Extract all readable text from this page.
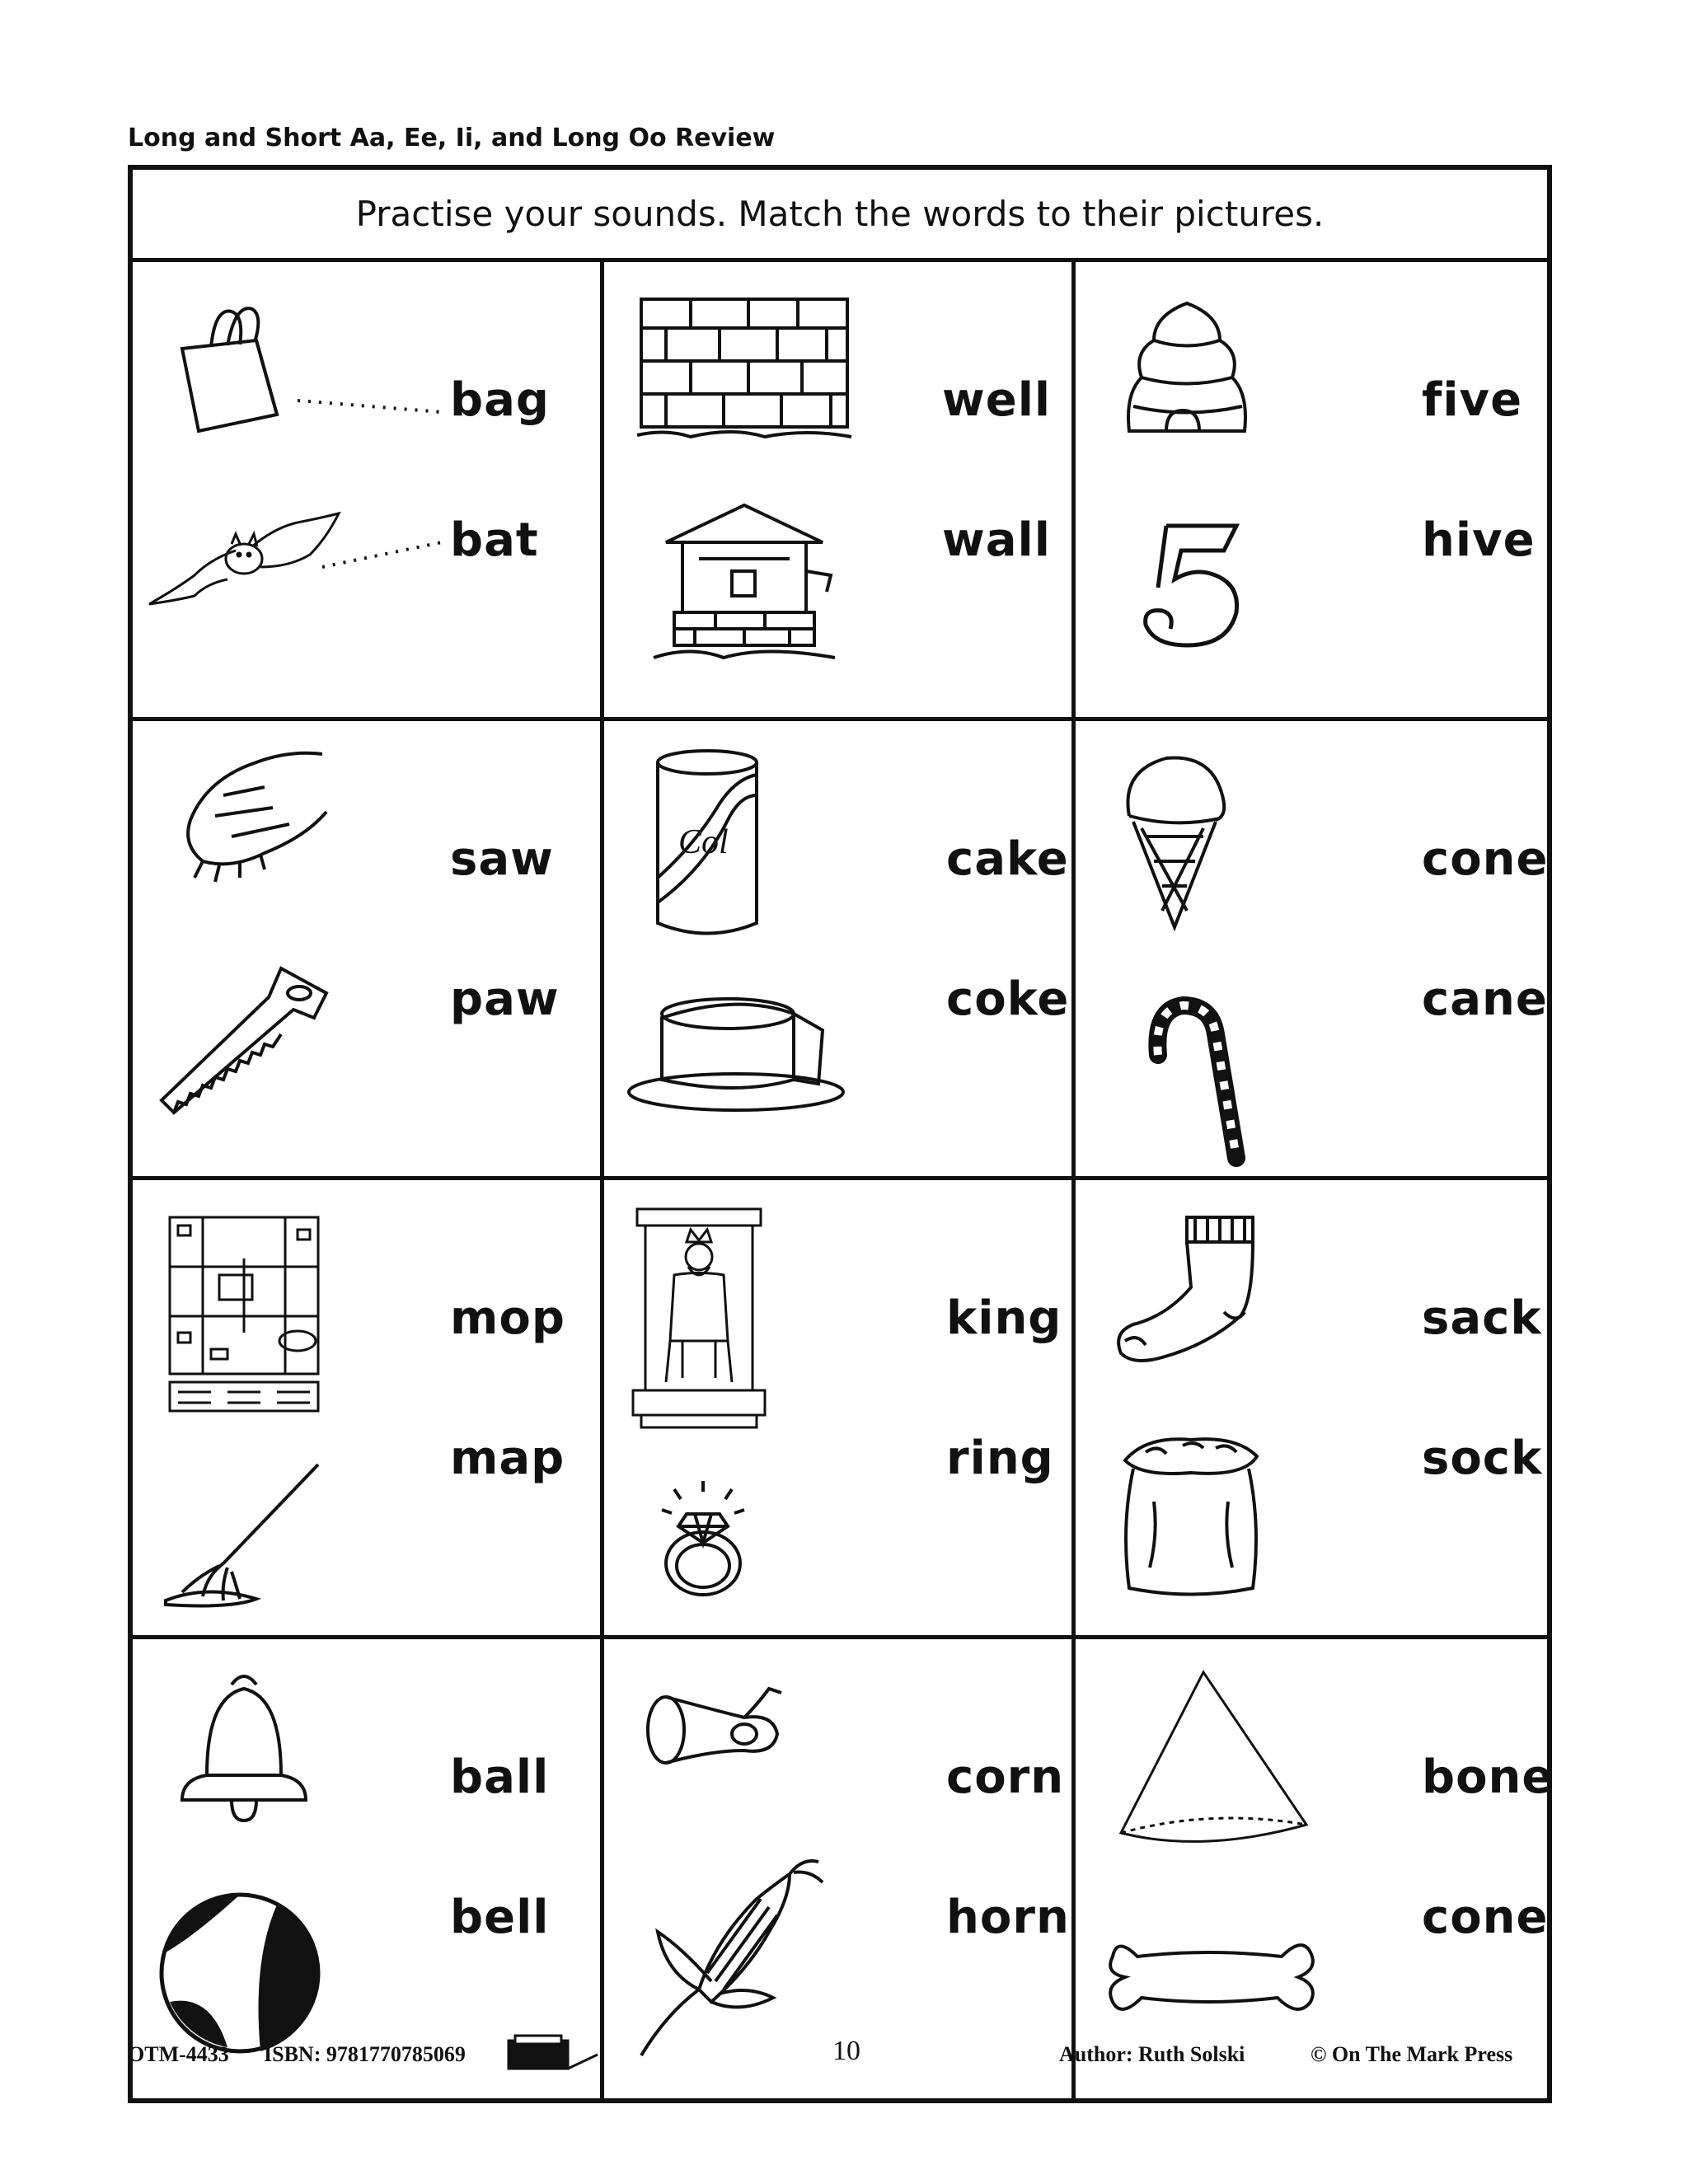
Long and Short Aa, Ee, Ii, and Long Oo Review
Practise your sounds. Match the words to their pictures.
bag
bat
well
wall
five
hive
saw
paw
Col	cake
coke
cone
cane
mop
map
king
ring
sack
sock
ball
bell
corn
horn
bone
cone
OTM-4433 ISBN: 9781770785069	10	Author: Ruth Solski	© On The Mark Press
